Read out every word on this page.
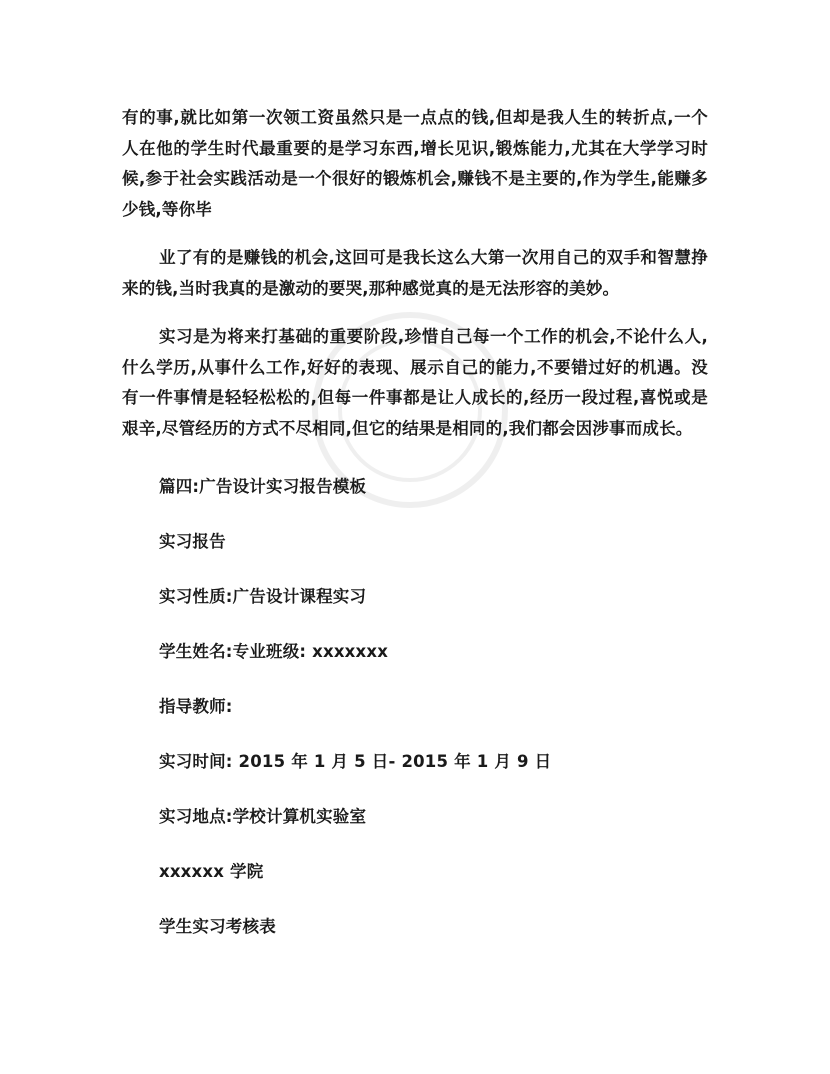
有的事,就比如第一次领工资虽然只是一点点的钱,但却是我人生的转折点,一个人在他的学生时代最重要的是学习东西,增长见识,锻炼能力,尤其在大学学习时候,参于社会实践活动是一个很好的锻炼机会,赚钱不是主要的,作为学生,能赚多少钱,等你毕

业了有的是赚钱的机会,这回可是我长这么大第一次用自己的双手和智慧挣来的钱,当时我真的是激动的要哭,那种感觉真的是无法形容的美妙。

实习是为将来打基础的重要阶段,珍惜自己每一个工作的机会,不论什么人,什么学历,从事什么工作,好好的表现、展示自己的能力,不要错过好的机遇。没有一件事情是轻轻松松的,但每一件事都是让人成长的,经历一段过程,喜悦或是艰辛,尽管经历的方式不尽相同,但它的结果是相同的,我们都会因涉事而成长。

篇四:广告设计实习报告模板

实习报告

实习性质:广告设计课程实习

学生姓名:专业班级: xxxxxxx

指导教师:

实习时间: 2015 年 1 月 5 日- 2015 年 1 月 9 日

实习地点:学校计算机实验室

xxxxxx 学院

学生实习考核表
